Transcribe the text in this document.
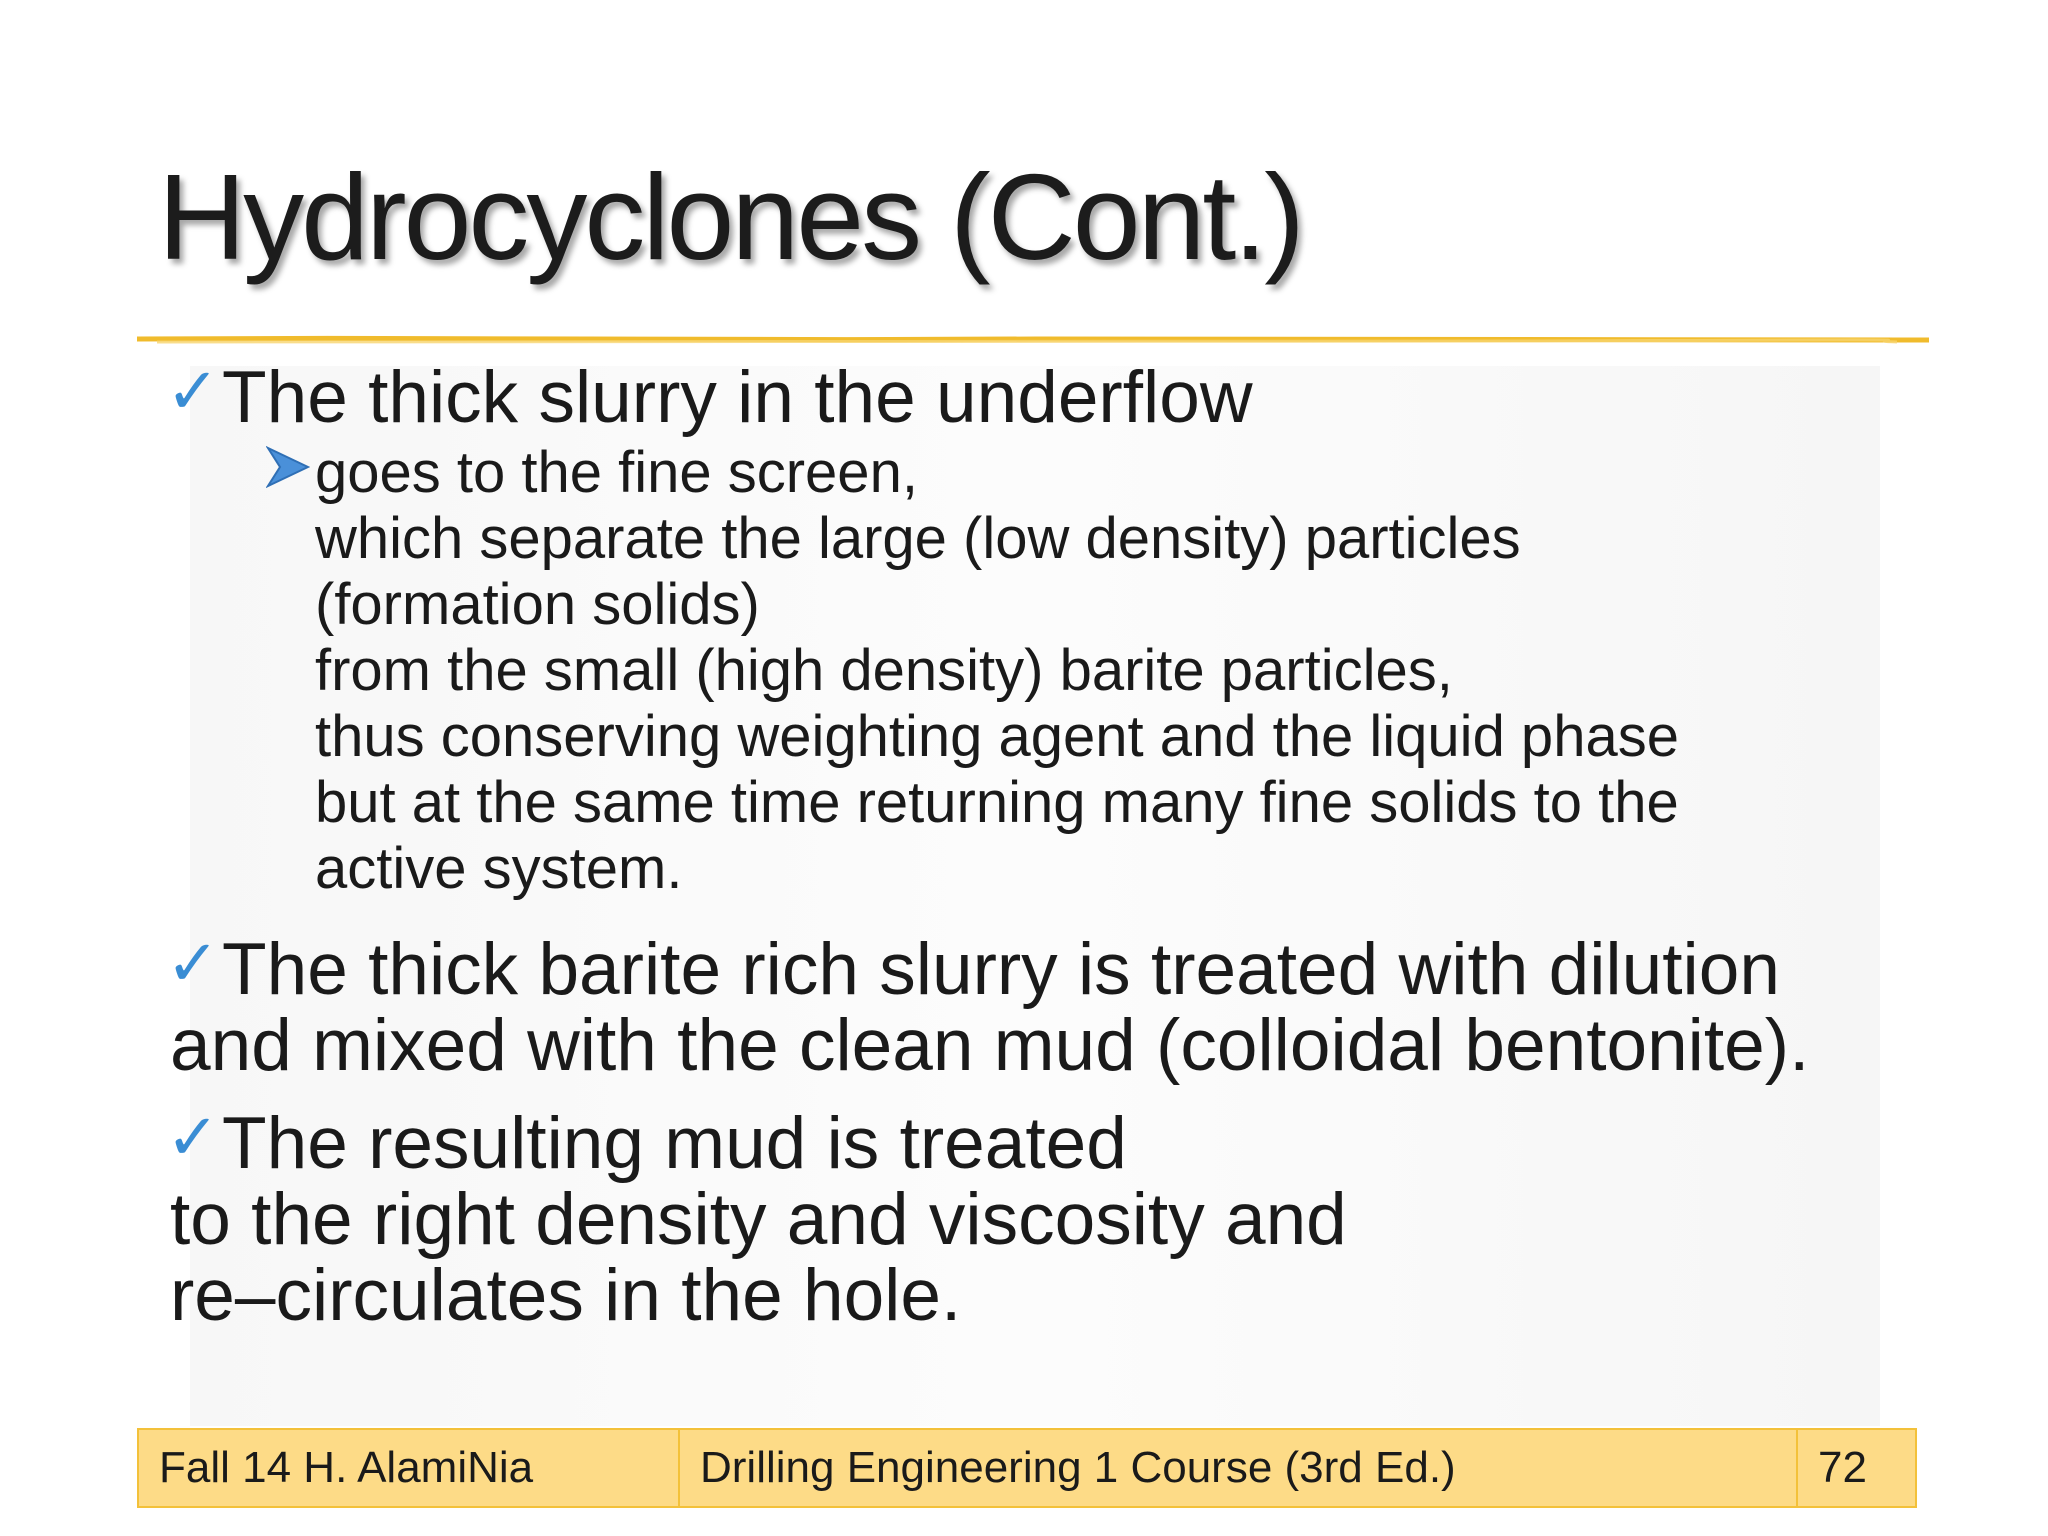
Hydrocyclones (Cont.)
✓ The thick slurry in the underflow
goes to the fine screen,
which separate the large (low density) particles
(formation solids)
from the small (high density) barite particles,
thus conserving weighting agent and the liquid phase
but at the same time returning many fine solids to the
active system.
✓ The thick barite rich slurry is treated with dilution
and mixed with the clean mud (colloidal bentonite).
✓ The resulting mud is treated
to the right density and viscosity and
re–circulates in the hole.
Fall 14 H. AlamiNia	Drilling Engineering 1 Course (3rd Ed.)	72
